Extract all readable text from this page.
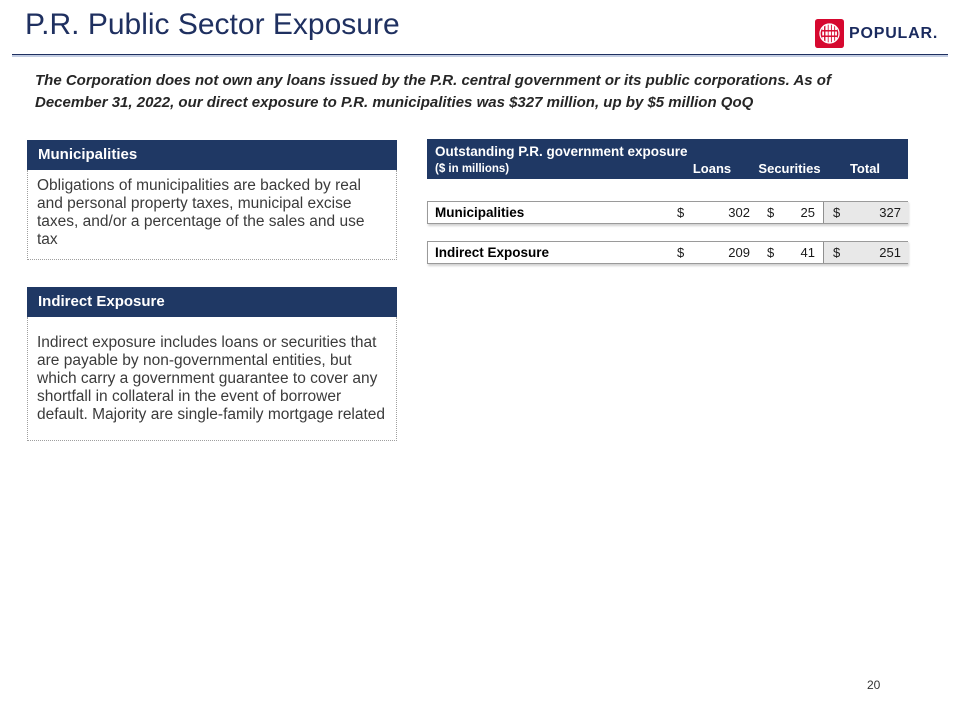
P.R. Public Sector Exposure	POPULAR.
The Corporation does not own any loans issued by the P.R. central government or its public corporations. As of
December 31, 2022, our direct exposure to P.R. municipalities was $327 million, up by $5 million QoQ
Municipalities
Obligations of municipalities are backed by real and personal property taxes, municipal excise taxes, and/or a percentage of the sales and use tax
Indirect Exposure
Indirect exposure includes loans or securities that are payable by non-governmental entities, but which carry a government guarantee to cover any shortfall in collateral in the event of borrower default. Majority are single-family mortgage related
Outstanding P.R. government exposure
($ in millions)	Loans	Securities	Total
Municipalities	$	302 $ 25 $	327
Indirect Exposure	$	209 $ 41 $	251
20
